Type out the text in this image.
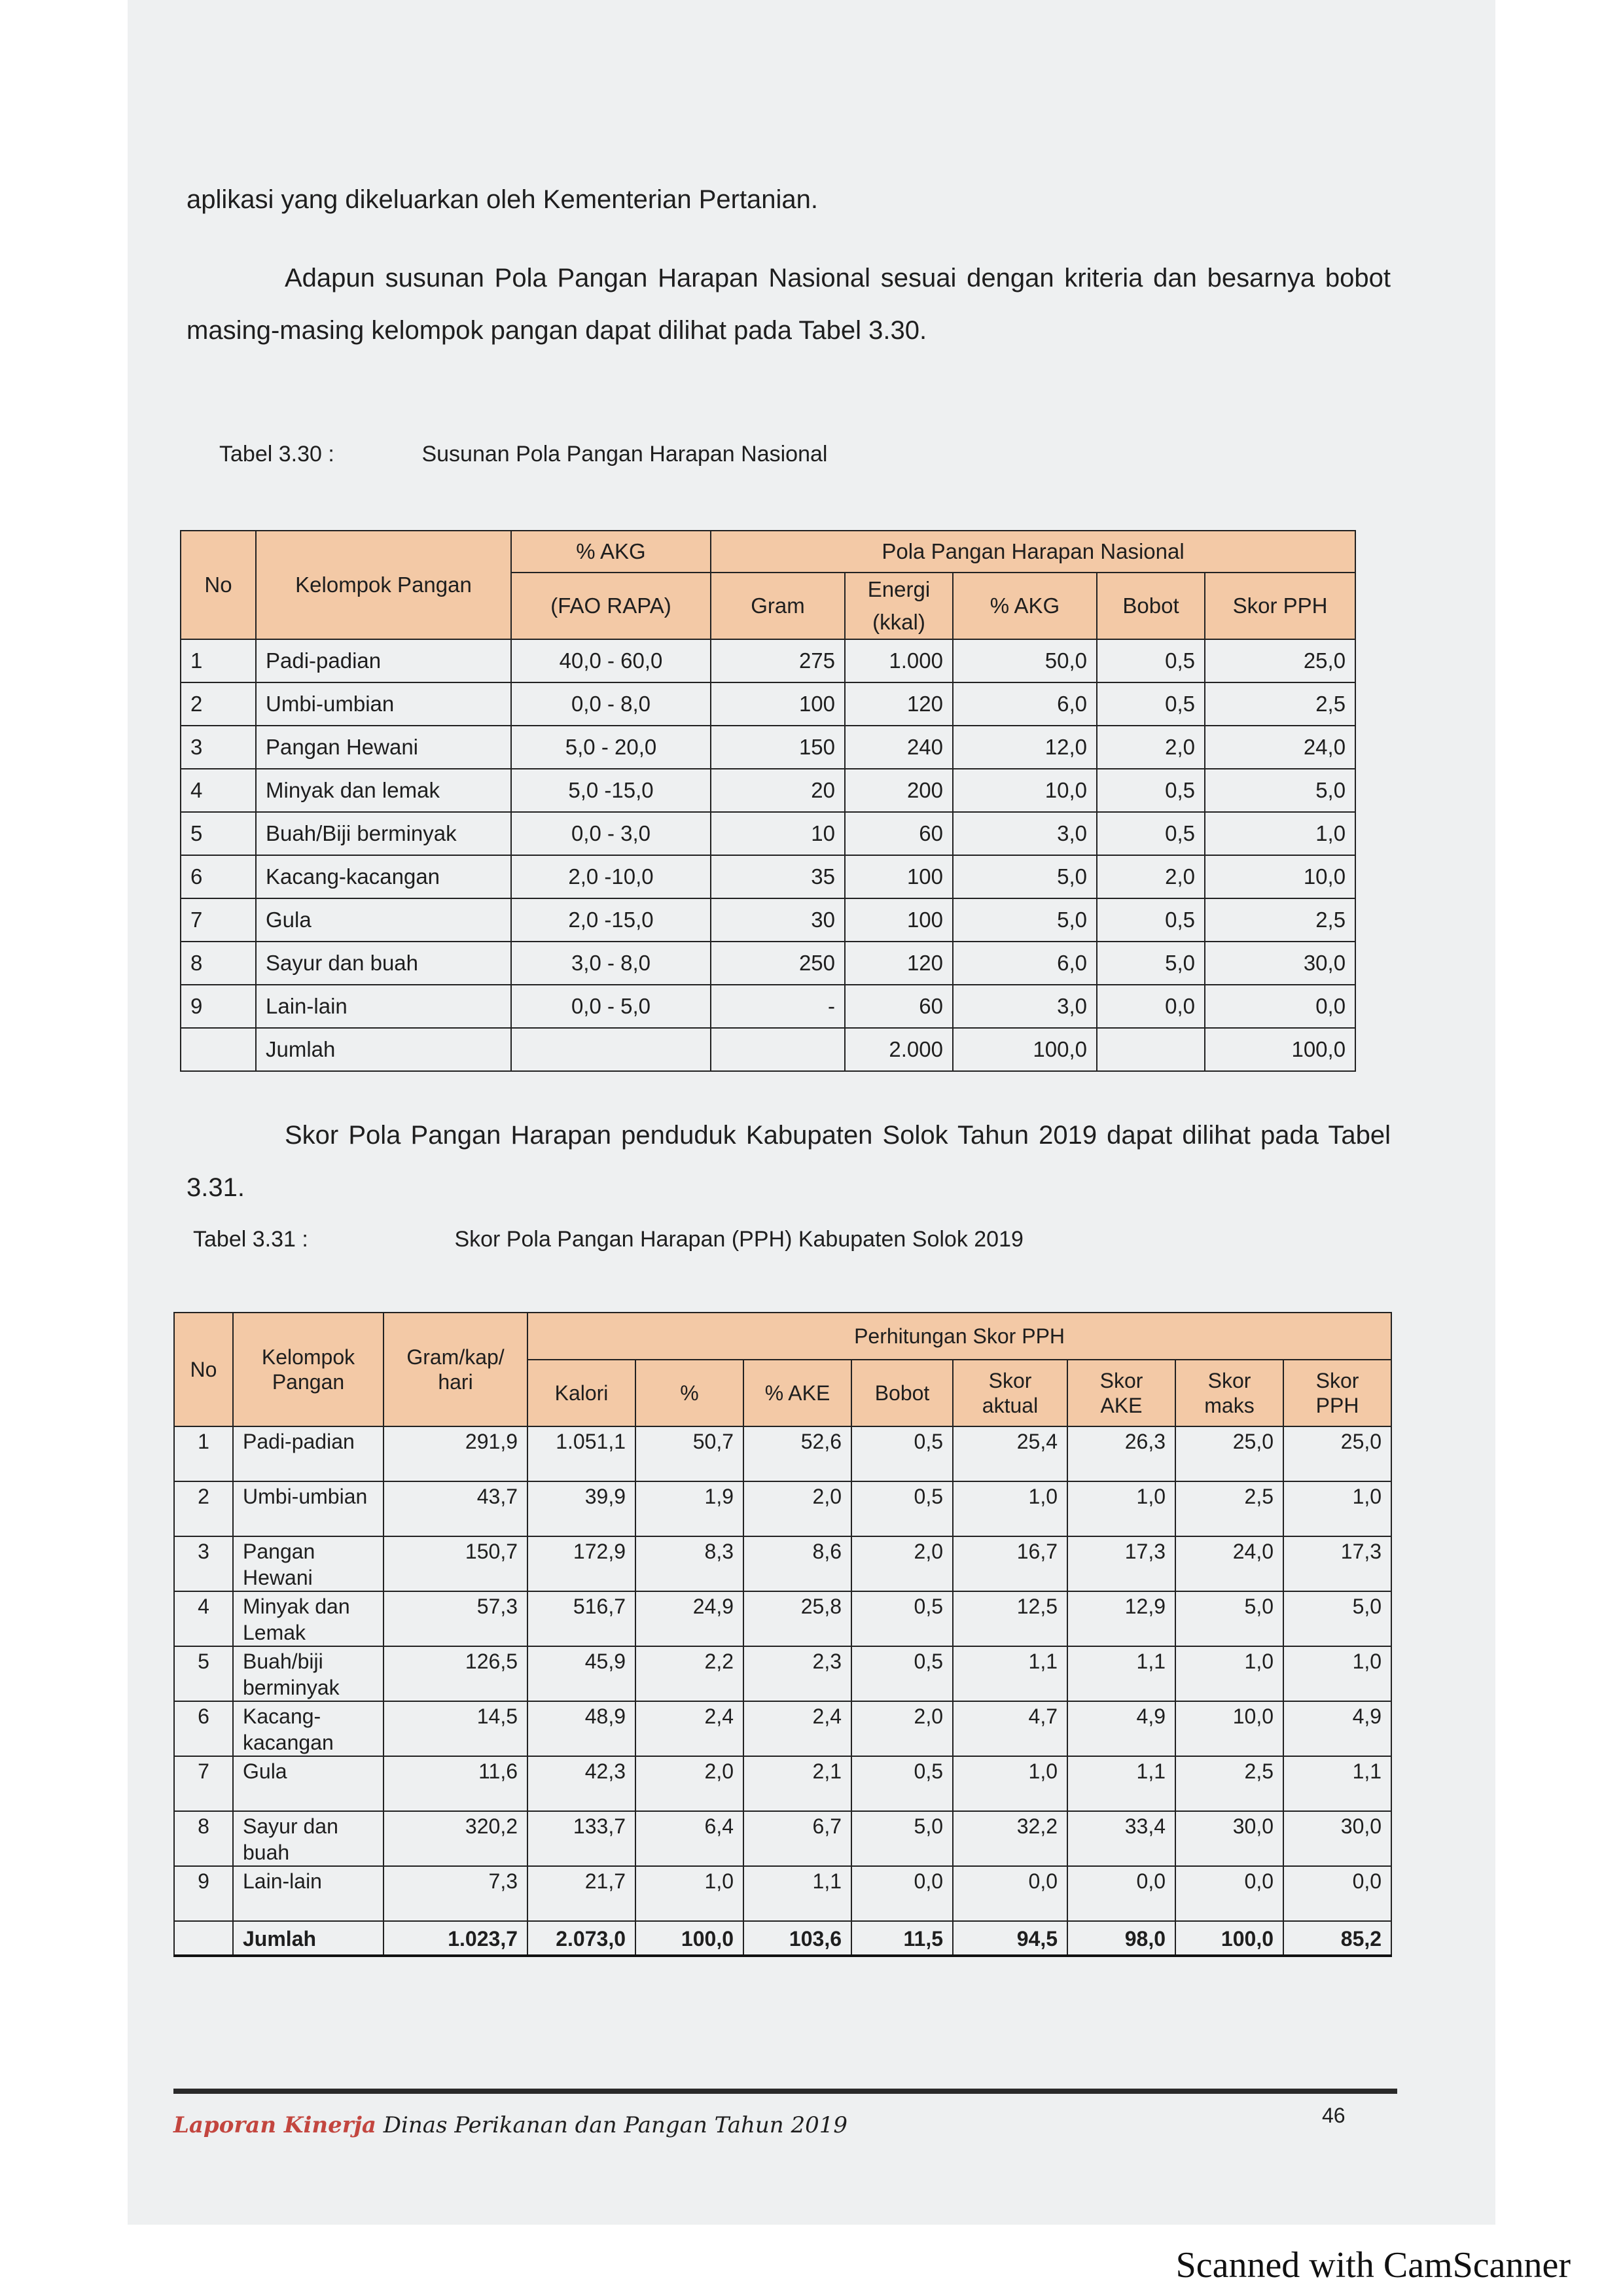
aplikasi yang dikeluarkan oleh Kementerian Pertanian.

Adapun susunan Pola Pangan Harapan Nasional sesuai dengan kriteria dan besarnya bobot masing-masing kelompok pangan dapat dilihat pada Tabel 3.30.

Tabel 3.30 :	Susunan Pola Pangan Harapan Nasional
No	Kelompok Pangan	% AKG	Pola Pangan Harapan Nasional				
		(FAO RAPA)	Gram	Energi (kkal)	% AKG	Bobot	Skor PPH
1	Padi-padian	40,0 - 60,0	275	1.000	50,0	0,5	25,0
2	Umbi-umbian	0,0 - 8,0	100	120	6,0	0,5	2,5
3	Pangan Hewani	5,0 - 20,0	150	240	12,0	2,0	24,0
4	Minyak dan lemak	5,0 -15,0	20	200	10,0	0,5	5,0
5	Buah/Biji berminyak	0,0 - 3,0	10	60	3,0	0,5	1,0
6	Kacang-kacangan	2,0 -10,0	35	100	5,0	2,0	10,0
7	Gula	2,0 -15,0	30	100	5,0	0,5	2,5
8	Sayur dan buah	3,0 - 8,0	250	120	6,0	5,0	30,0
9	Lain-lain	0,0 - 5,0	-	60	3,0	0,0	0,0
	Jumlah			2.000	100,0		100,0

Skor Pola Pangan Harapan penduduk Kabupaten Solok Tahun 2019 dapat dilihat pada Tabel 3.31.

Tabel 3.31 :	Skor Pola Pangan Harapan (PPH) Kabupaten Solok 2019
No	Kelompok Pangan	Gram/kap/ hari	Perhitungan Skor PPH							
			Kalori	%	% AKE	Bobot	Skor aktual	Skor AKE	Skor maks	Skor PPH
1	Padi-padian	291,9	1.051,1	50,7	52,6	0,5	25,4	26,3	25,0	25,0
2	Umbi-umbian	43,7	39,9	1,9	2,0	0,5	1,0	1,0	2,5	1,0
3	Pangan Hewani	150,7	172,9	8,3	8,6	2,0	16,7	17,3	24,0	17,3
4	Minyak dan Lemak	57,3	516,7	24,9	25,8	0,5	12,5	12,9	5,0	5,0
5	Buah/biji berminyak	126,5	45,9	2,2	2,3	0,5	1,1	1,1	1,0	1,0
6	Kacang-kacangan	14,5	48,9	2,4	2,4	2,0	4,7	4,9	10,0	4,9
7	Gula	11,6	42,3	2,0	2,1	0,5	1,0	1,1	2,5	1,1
8	Sayur dan buah	320,2	133,7	6,4	6,7	5,0	32,2	33,4	30,0	30,0
9	Lain-lain	7,3	21,7	1,0	1,1	0,0	0,0	0,0	0,0	0,0
	Jumlah	1.023,7	2.073,0	100,0	103,6	11,5	94,5	98,0	100,0	85,2
Laporan Kinerja Dinas Perikanan dan Pangan Tahun 2019	46
Scanned with CamScanner
